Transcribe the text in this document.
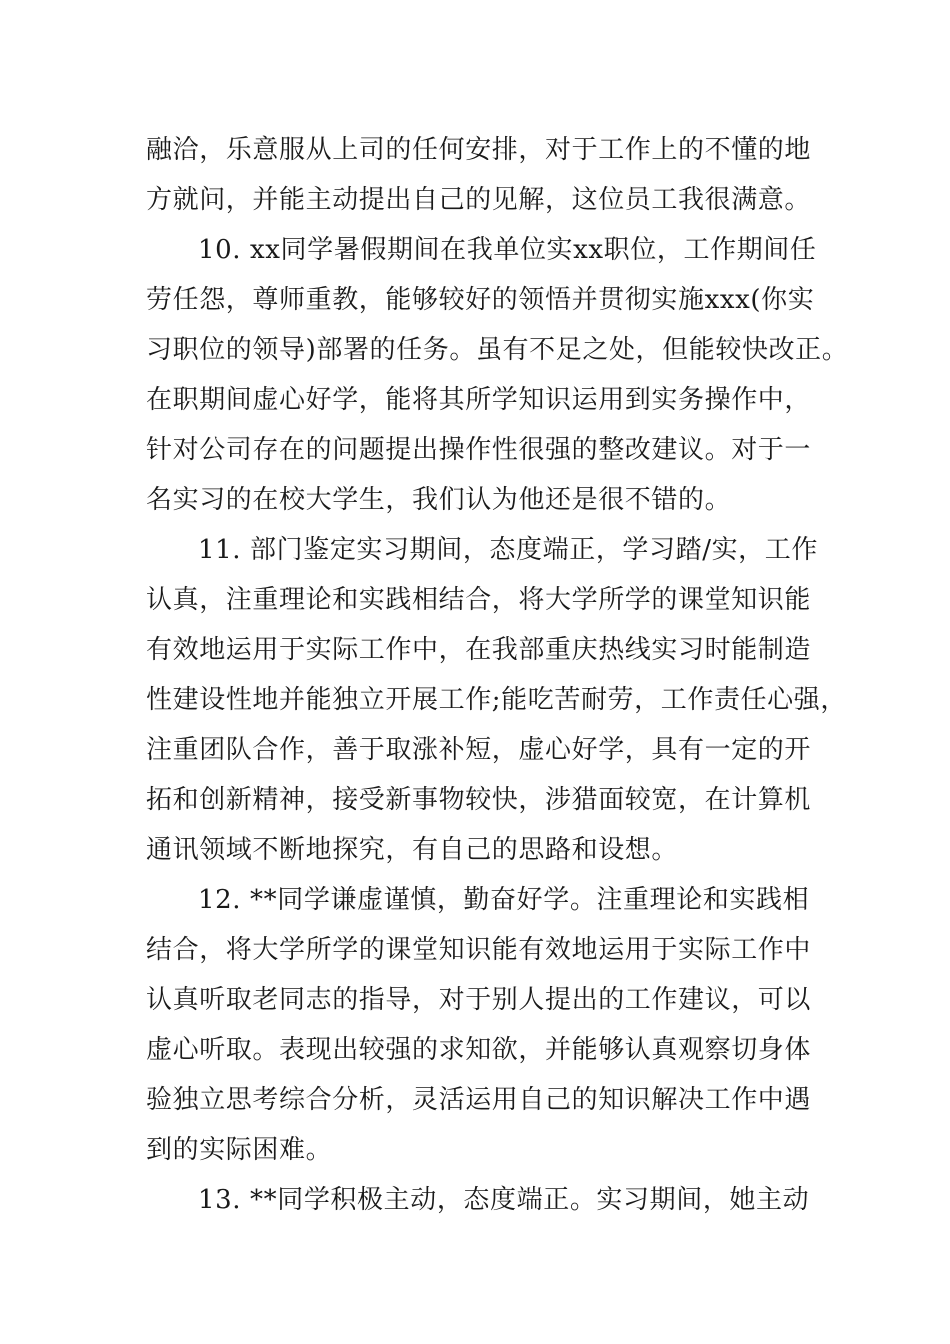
融洽，乐意服从上司的任何安排，对于工作上的不懂的地

方就问，并能主动提出自己的见解，这位员工我很满意。

10. xx同学暑假期间在我单位实xx职位，工作期间任

劳任怨，尊师重教，能够较好的领悟并贯彻实施xxx(你实

习职位的领导)部署的任务。虽有不足之处，但能较快改正。

在职期间虚心好学，能将其所学知识运用到实务操作中，

针对公司存在的问题提出操作性很强的整改建议。对于一

名实习的在校大学生，我们认为他还是很不错的。

11. 部门鉴定实习期间，态度端正，学习踏/实，工作

认真，注重理论和实践相结合，将大学所学的课堂知识能

有效地运用于实际工作中，在我部重庆热线实习时能制造

性建设性地并能独立开展工作;能吃苦耐劳，工作责任心强，

注重团队合作，善于取涨补短，虚心好学，具有一定的开

拓和创新精神，接受新事物较快，涉猎面较宽，在计算机

通讯领域不断地探究，有自己的思路和设想。

12. **同学谦虚谨慎，勤奋好学。注重理论和实践相

结合，将大学所学的课堂知识能有效地运用于实际工作中

认真听取老同志的指导，对于别人提出的工作建议，可以

虚心听取。表现出较强的求知欲，并能够认真观察切身体

验独立思考综合分析，灵活运用自己的知识解决工作中遇

到的实际困难。

13. **同学积极主动，态度端正。实习期间，她主动
